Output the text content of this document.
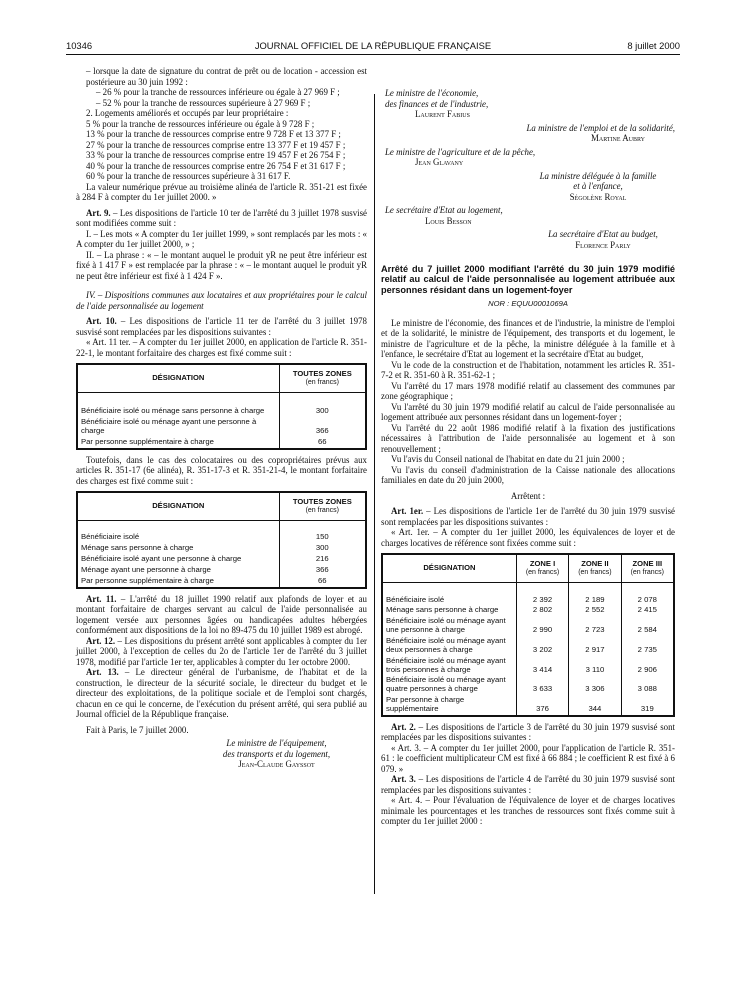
10346	JOURNAL OFFICIEL DE LA RÉPUBLIQUE FRANÇAISE	8 juillet 2000

– lorsque la date de signature du contrat de prêt ou de location - accession est postérieure au 30 juin 1992 :

– 26 % pour la tranche de ressources inférieure ou égale à 27 969 F ;

– 52 % pour la tranche de ressources supérieure à 27 969 F ;

2. Logements améliorés et occupés par leur propriétaire :

5 % pour la tranche de ressources inférieure ou égale à 9 728 F ;

13 % pour la tranche de ressources comprise entre 9 728 F et 13 377 F ;

27 % pour la tranche de ressources comprise entre 13 377 F et 19 457 F ;

33 % pour la tranche de ressources comprise entre 19 457 F et 26 754 F ;

40 % pour la tranche de ressources comprise entre 26 754 F et 31 617 F ;

60 % pour la tranche de ressources supérieure à 31 617 F.

La valeur numérique prévue au troisième alinéa de l'article R. 351-21 est fixée à 284 F à compter du 1er juillet 2000. »

Art. 9. – Les dispositions de l'article 10 ter de l'arrêté du 3 juillet 1978 susvisé sont modifiées comme suit :

I. – Les mots « A compter du 1er juillet 1999, » sont remplacés par les mots : « A compter du 1er juillet 2000, » ;

II. – La phrase : « – le montant auquel le produit yR ne peut être inférieur est fixé à 1 417 F » est remplacée par la phrase : « – le montant auquel le produit yR ne peut être inférieur est fixé à 1 424 F ».

IV. – Dispositions communes aux locataires et aux propriétaires pour le calcul de l'aide personnalisée au logement

Art. 10. – Les dispositions de l'article 11 ter de l'arrêté du 3 juillet 1978 susvisé sont remplacées par les dispositions suivantes :

« Art. 11 ter. – A compter du 1er juillet 2000, en application de l'article R. 351-22-1, le montant forfaitaire des charges est fixé comme suit :

DÉSIGNATION	TOUTES ZONES
(en francs)

Bénéficiaire isolé ou ménage sans personne à charge	300
Bénéficiaire isolé ou ménage ayant une personne à charge	366
Par personne supplémentaire à charge	66

Toutefois, dans le cas des colocataires ou des copropriétaires prévus aux articles R. 351-17 (6e alinéa), R. 351-17-3 et R. 351-21-4, le montant forfaitaire des charges est fixé comme suit :

DÉSIGNATION	TOUTES ZONES
(en francs)

Bénéficiaire isolé	150
Ménage sans personne à charge	300
Bénéficiaire isolé ayant une personne à charge	216
Ménage ayant une personne à charge	366
Par personne supplémentaire à charge	66

Art. 11. – L'arrêté du 18 juillet 1990 relatif aux plafonds de loyer et au montant forfaitaire de charges servant au calcul de l'aide personnalisée au logement versée aux personnes âgées ou handicapées adultes hébergées conformément aux dispositions de la loi no 89-475 du 10 juillet 1989 est abrogé.

Art. 12. – Les dispositions du présent arrêté sont applicables à compter du 1er juillet 2000, à l'exception de celles du 2o de l'article 1er de l'arrêté du 3 juillet 1978, modifié par l'article 1er ter, applicables à compter du 1er octobre 2000.

Art. 13. – Le directeur général de l'urbanisme, de l'habitat et de la construction, le directeur de la sécurité sociale, le directeur du budget et le directeur des exploitations, de la politique sociale et de l'emploi sont chargés, chacun en ce qui le concerne, de l'exécution du présent arrêté, qui sera publié au Journal officiel de la République française.

Fait à Paris, le 7 juillet 2000.

Le ministre de l'équipement,
des transports et du logement,
Jean-Claude Gayssot
Le ministre de l'économie,
des finances et de l'industrie,
Laurent Fabius
La ministre de l'emploi et de la solidarité,
Martine Aubry
Le ministre de l'agriculture et de la pêche,
Jean Glavany
La ministre déléguée à la famille
et à l'enfance,
Ségolène Royal
Le secrétaire d'Etat au logement,
Louis Besson
La secrétaire d'Etat au budget,
Florence Parly

Arrêté du 7 juillet 2000 modifiant l'arrêté du 30 juin 1979 modifié relatif au calcul de l'aide personnalisée au logement attribuée aux personnes résidant dans un logement-foyer

NOR : EQUU0001069A

Le ministre de l'économie, des finances et de l'industrie, la ministre de l'emploi et de la solidarité, le ministre de l'équipement, des transports et du logement, le ministre de l'agriculture et de la pêche, la ministre déléguée à la famille et à l'enfance, le secrétaire d'Etat au logement et la secrétaire d'Etat au budget,

Vu le code de la construction et de l'habitation, notamment les articles R. 351-7-2 et R. 351-60 à R. 351-62-1 ;

Vu l'arrêté du 17 mars 1978 modifié relatif au classement des communes par zone géographique ;

Vu l'arrêté du 30 juin 1979 modifié relatif au calcul de l'aide personnalisée au logement attribuée aux personnes résidant dans un logement-foyer ;

Vu l'arrêté du 22 août 1986 modifié relatif à la fixation des justifications nécessaires à l'attribution de l'aide personnalisée au logement et à son renouvellement ;

Vu l'avis du Conseil national de l'habitat en date du 21 juin 2000 ;

Vu l'avis du conseil d'administration de la Caisse nationale des allocations familiales en date du 20 juin 2000,

Arrêtent :

Art. 1er. – Les dispositions de l'article 1er de l'arrêté du 30 juin 1979 susvisé sont remplacées par les dispositions suivantes :

« Art. 1er. – A compter du 1er juillet 2000, les équivalences de loyer et de charges locatives de référence sont fixées comme suit :

DÉSIGNATION	ZONE I
(en francs)	ZONE II
(en francs)	ZONE III
(en francs)

Bénéficiaire isolé	2 392	2 189	2 078
Ménage sans personne à charge	2 802	2 552	2 415
Bénéficiaire isolé ou ménage ayant une personne à charge	2 990	2 723	2 584
Bénéficiaire isolé ou ménage ayant deux personnes à charge	3 202	2 917	2 735
Bénéficiaire isolé ou ménage ayant trois personnes à charge	3 414	3 110	2 906
Bénéficiaire isolé ou ménage ayant quatre personnes à charge	3 633	3 306	3 088
Par personne à charge supplémentaire	376	344	319

Art. 2. – Les dispositions de l'article 3 de l'arrêté du 30 juin 1979 susvisé sont remplacées par les dispositions suivantes :

« Art. 3. – A compter du 1er juillet 2000, pour l'application de l'article R. 351-61 : le coefficient multiplicateur CM est fixé à 66 884 ; le coefficient R est fixé à 6 079. »

Art. 3. – Les dispositions de l'article 4 de l'arrêté du 30 juin 1979 susvisé sont remplacées par les dispositions suivantes :

« Art. 4. – Pour l'évaluation de l'équivalence de loyer et de charges locatives minimale les pourcentages et les tranches de ressources sont fixés comme suit à compter du 1er juillet 2000 :
